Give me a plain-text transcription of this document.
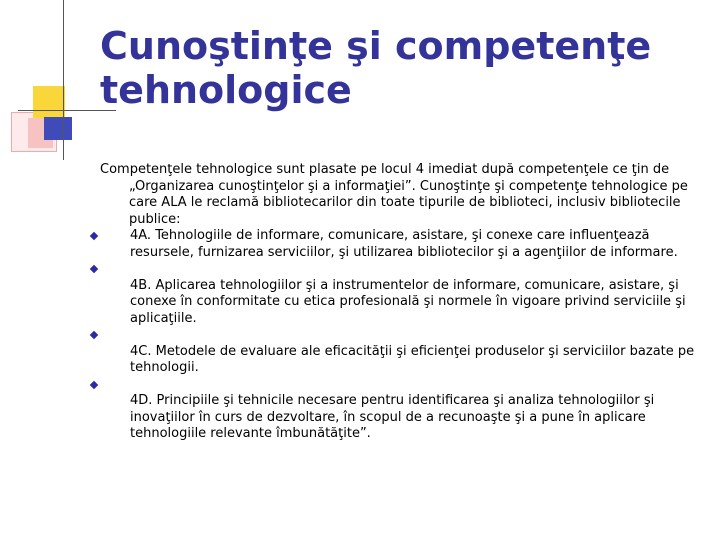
Cunoştinţe şi competenţe tehnologice

Competenţele tehnologice sunt plasate pe locul 4 imediat după competenţele ce ţin de „Organizarea cunoştinţelor şi a informaţiei”. Cunoştinţe şi competenţe tehnologice pe care ALA le reclamă bibliotecarilor din toate tipurile de biblioteci, inclusiv bibliotecile publice:

4A. Tehnologiile de informare, comunicare, asistare, şi conexe care influenţează resursele, furnizarea serviciilor, şi utilizarea bibliotecilor şi a agenţiilor de informare.
4B. Aplicarea tehnologiilor şi a instrumentelor de informare, comunicare, asistare, şi conexe în conformitate cu etica profesională şi normele în vigoare privind serviciile şi aplicaţiile.
4C. Metodele de evaluare ale eficacităţii şi eficienţei produselor şi serviciilor bazate pe tehnologii.
4D. Principiile şi tehnicile necesare pentru identificarea şi analiza tehnologiilor şi inovaţiilor în curs de dezvoltare, în scopul de a recunoaşte şi a pune în aplicare tehnologiile relevante îmbunătăţite”.
